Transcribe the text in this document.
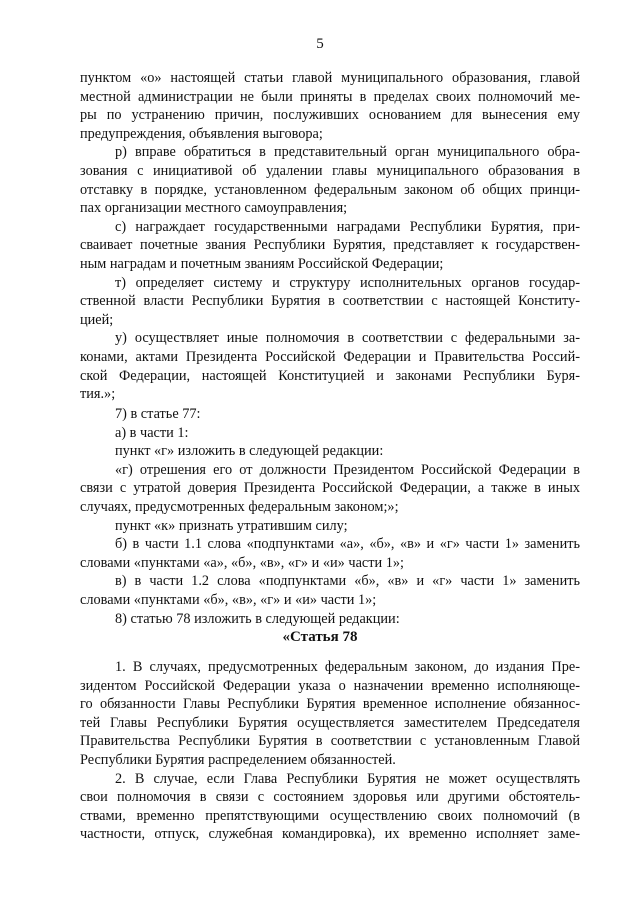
5
пунктом «о» настоящей статьи главой муниципального образования, главой
местной администрации не были приняты в пределах своих полномочий ме-
ры по устранению причин, послуживших основанием для вынесения ему
предупреждения, объявления выговора;
р) вправе обратиться в представительный орган муниципального обра-
зования с инициативой об удалении главы муниципального образования в
отставку в порядке, установленном федеральным законом об общих принци-
пах организации местного самоуправления;
с) награждает государственными наградами Республики Бурятия, при-
сваивает почетные звания Республики Бурятия, представляет к государствен-
ным наградам и почетным званиям Российской Федерации;
т) определяет систему и структуру исполнительных органов государ-
ственной власти Республики Бурятия в соответствии с настоящей Конститу-
цией;
у) осуществляет иные полномочия в соответствии с федеральными за-
конами, актами Президента Российской Федерации и Правительства Россий-
ской Федерации, настоящей Конституцией и законами Республики Буря-
тия.»;
7) в статье 77:
а) в части 1:
пункт «г» изложить в следующей редакции:
«г) отрешения его от должности Президентом Российской Федерации в
связи с утратой доверия Президента Российской Федерации, а также в иных
случаях, предусмотренных федеральным законом;»;
пункт «к» признать утратившим силу;
б) в части 1.1 слова «подпунктами «а», «б», «в» и «г» части 1» заменить
словами «пунктами «а», «б», «в», «г» и «и» части 1»;
в) в части 1.2 слова «подпунктами «б», «в» и «г» части 1» заменить
словами «пунктами «б», «в», «г» и «и» части 1»;
8) статью 78 изложить в следующей редакции:
«Статья 78
1. В случаях, предусмотренных федеральным законом, до издания Пре-
зидентом Российской Федерации указа о назначении временно исполняюще-
го обязанности Главы Республики Бурятия временное исполнение обязаннос-
тей Главы Республики Бурятия осуществляется заместителем Председателя
Правительства Республики Бурятия в соответствии с установленным Главой
Республики Бурятия распределением обязанностей.
2. В случае, если Глава Республики Бурятия не может осуществлять
свои полномочия в связи с состоянием здоровья или другими обстоятель-
ствами, временно препятствующими осуществлению своих полномочий (в
частности, отпуск, служебная командировка), их временно исполняет заме-
